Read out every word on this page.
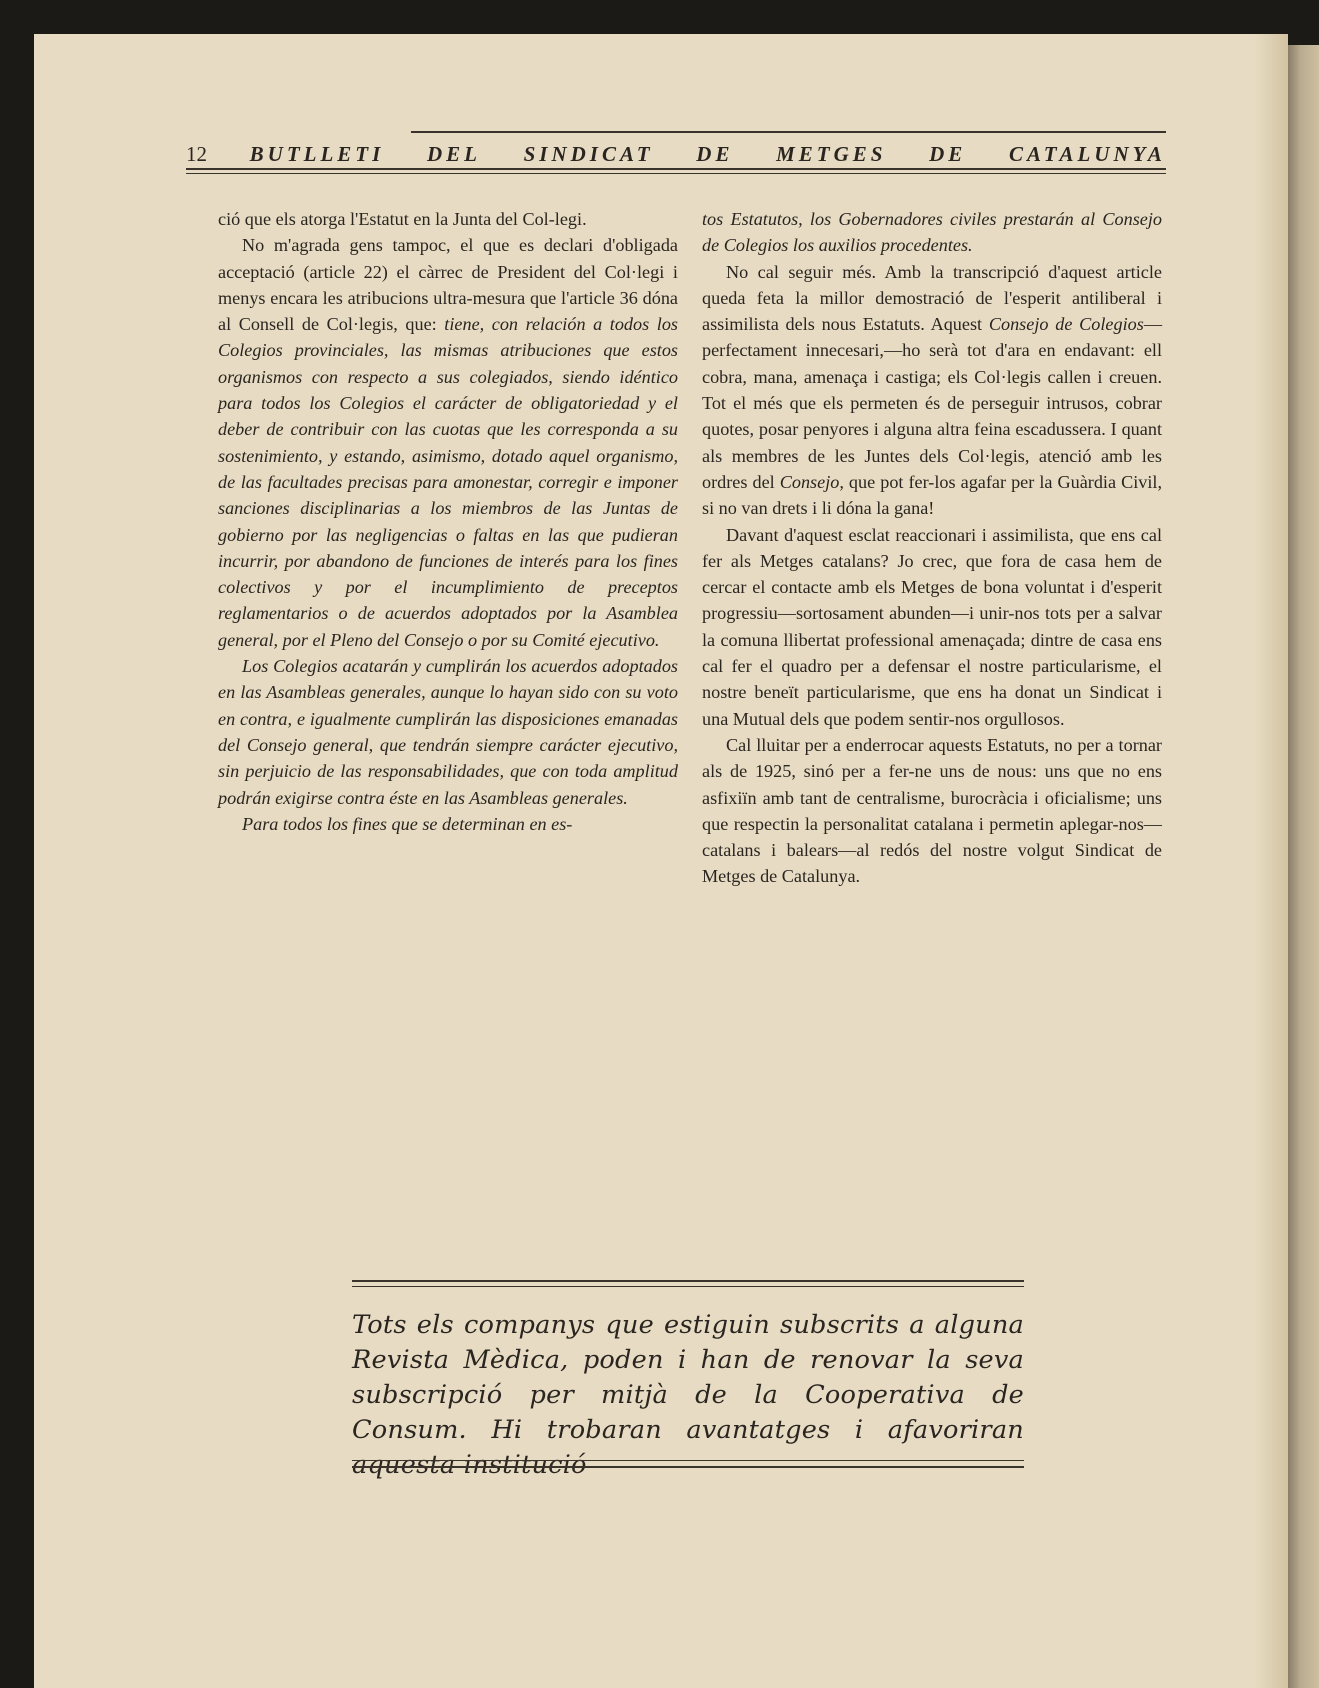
12 BUTLLETI DEL SINDICAT DE METGES DE CATALUNYA

ció que els atorga l'Estatut en la Junta del Col-legi.

No m'agrada gens tampoc, el que es declari d'obligada acceptació (article 22) el càrrec de President del Col·legi i menys encara les atribucions ultra-mesura que l'article 36 dóna al Consell de Col·legis, que: tiene, con relación a todos los Colegios provinciales, las mismas atribuciones que estos organismos con respecto a sus colegiados, siendo idéntico para todos los Colegios el carácter de obligatoriedad y el deber de contribuir con las cuotas que les corresponda a su sostenimiento, y estando, asimismo, dotado aquel organismo, de las facultades precisas para amonestar, corregir e imponer sanciones disciplinarias a los miembros de las Juntas de gobierno por las negligencias o faltas en las que pudieran incurrir, por abandono de funciones de interés para los fines colectivos y por el incumplimiento de preceptos reglamentarios o de acuerdos adoptados por la Asamblea general, por el Pleno del Consejo o por su Comité ejecutivo.

Los Colegios acatarán y cumplirán los acuerdos adoptados en las Asambleas generales, aunque lo hayan sido con su voto en contra, e igualmente cumplirán las disposiciones emanadas del Consejo general, que tendrán siempre carácter ejecutivo, sin perjuicio de las responsabilidades, que con toda amplitud podrán exigirse contra éste en las Asambleas generales.

Para todos los fines que se determinan en es-

tos Estatutos, los Gobernadores civiles prestarán al Consejo de Colegios los auxilios procedentes.

No cal seguir més. Amb la transcripció d'aquest article queda feta la millor demostració de l'esperit antiliberal i assimilista dels nous Estatuts. Aquest Consejo de Colegios—perfectament innecesari,—ho serà tot d'ara en endavant: ell cobra, mana, amenaça i castiga; els Col·legis callen i creuen. Tot el més que els permeten és de perseguir intrusos, cobrar quotes, posar penyores i alguna altra feina escadussera. I quant als membres de les Juntes dels Col·legis, atenció amb les ordres del Consejo, que pot fer-los agafar per la Guàrdia Civil, si no van drets i li dóna la gana!

Davant d'aquest esclat reaccionari i assimilista, que ens cal fer als Metges catalans? Jo crec, que fora de casa hem de cercar el contacte amb els Metges de bona voluntat i d'esperit progressiu—sortosament abunden—i unir-nos tots per a salvar la comuna llibertat professional amenaçada; dintre de casa ens cal fer el quadro per a defensar el nostre particularisme, el nostre beneït particularisme, que ens ha donat un Sindicat i una Mutual dels que podem sentir-nos orgullosos.

Cal lluitar per a enderrocar aquests Estatuts, no per a tornar als de 1925, sinó per a fer-ne uns de nous: uns que no ens asfixiïn amb tant de centralisme, burocràcia i oficialisme; uns que respectin la personalitat catalana i permetin aplegar-nos—catalans i balears—al redós del nostre volgut Sindicat de Metges de Catalunya.

Tots els companys que estiguin subscrits a alguna Revista Mèdica, poden i han de renovar la seva subscripció per mitjà de la Cooperativa de Consum. Hi trobaran avantatges i afavoriran aquesta institució
